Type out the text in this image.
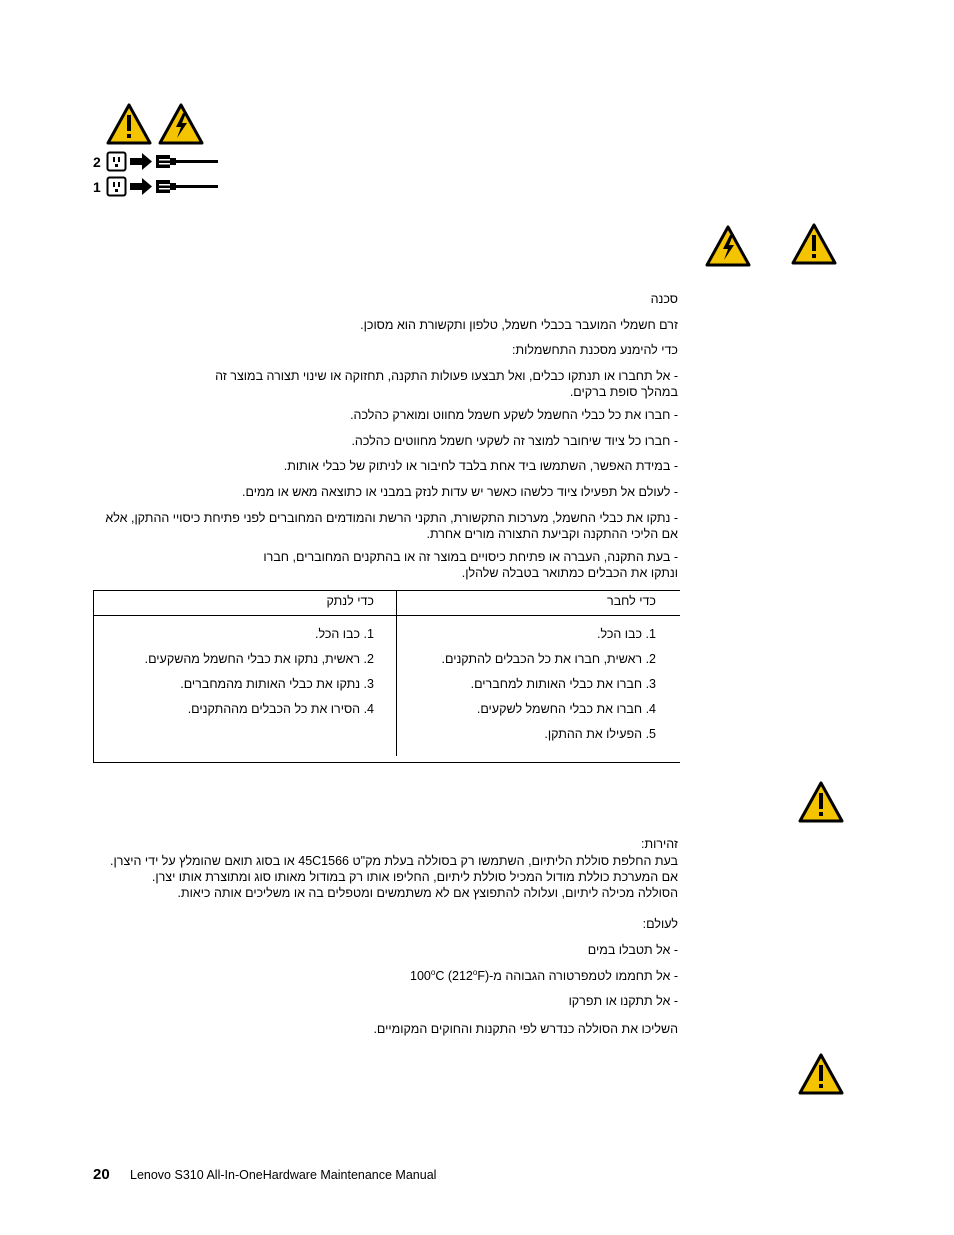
2
1
סכנה
זרם חשמלי המועבר בכבלי חשמל, טלפון ותקשורת הוא מסוכן.
כדי להימנע מסכנת התחשמלות:
- אל תחברו או תנתקו כבלים, ואל תבצעו פעולות התקנה, תחזוקה או שינוי תצורה במוצר זה במהלך סופת ברקים.
- חברו את כל כבלי החשמל לשקע חשמל מחווט ומוארק כהלכה.
- חברו כל ציוד שיחובר למוצר זה לשקעי חשמל מחווטים כהלכה.
- במידת האפשר, השתמשו ביד אחת בלבד לחיבור או לניתוק של כבלי אותות.
- לעולם אל תפעילו ציוד כלשהו כאשר יש עדות לנזק במבני או כתוצאה מאש או ממים.
- נתקו את כבלי החשמל, מערכות התקשורת, התקני הרשת והמודמים המחוברים לפני פתיחת כיסויי ההתקן, אלא אם הליכי ההתקנה וקביעת התצורה מורים אחרת.
- בעת התקנה, העברה או פתיחת כיסויים במוצר זה או בהתקנים המחוברים, חברו ונתקו את הכבלים כמתואר בטבלה שלהלן.
כדי לחבר
כדי לנתק
1. כבו הכל.
2. ראשית, חברו את כל הכבלים להתקנים.
3. חברו את כבלי האותות למחברים.
4. חברו את כבלי החשמל לשקעים.
5. הפעילו את ההתקן.
1. כבו הכל.
2. ראשית, נתקו את כבלי החשמל מהשקעים.
3. נתקו את כבלי האותות מהמחברים.
4. הסירו את כל הכבלים מההתקנים.
זהירות:
בעת החלפת סוללת הליתיום, השתמשו רק בסוללה בעלת מק"ט 45C1566 או בסוג תואם שהומלץ על ידי היצרן.
אם המערכת כוללת מודול המכיל סוללת ליתיום, החליפו אותו רק במודול מאותו סוג ומתוצרת אותו יצרן.
הסוללה מכילה ליתיום, ועלולה להתפוצץ אם לא משתמשים ומטפלים בה או משליכים אותה כיאות.
לעולם:
- אל תטבלו במים
- אל תחממו לטמפרטורה הגבוהה מ-100$^o$C (212$^o$F)
- אל תתקנו או תפרקו
השליכו את הסוללה כנדרש לפי התקנות והחוקים המקומיים.
20 Lenovo S310 All-In-OneHardware Maintenance Manual
